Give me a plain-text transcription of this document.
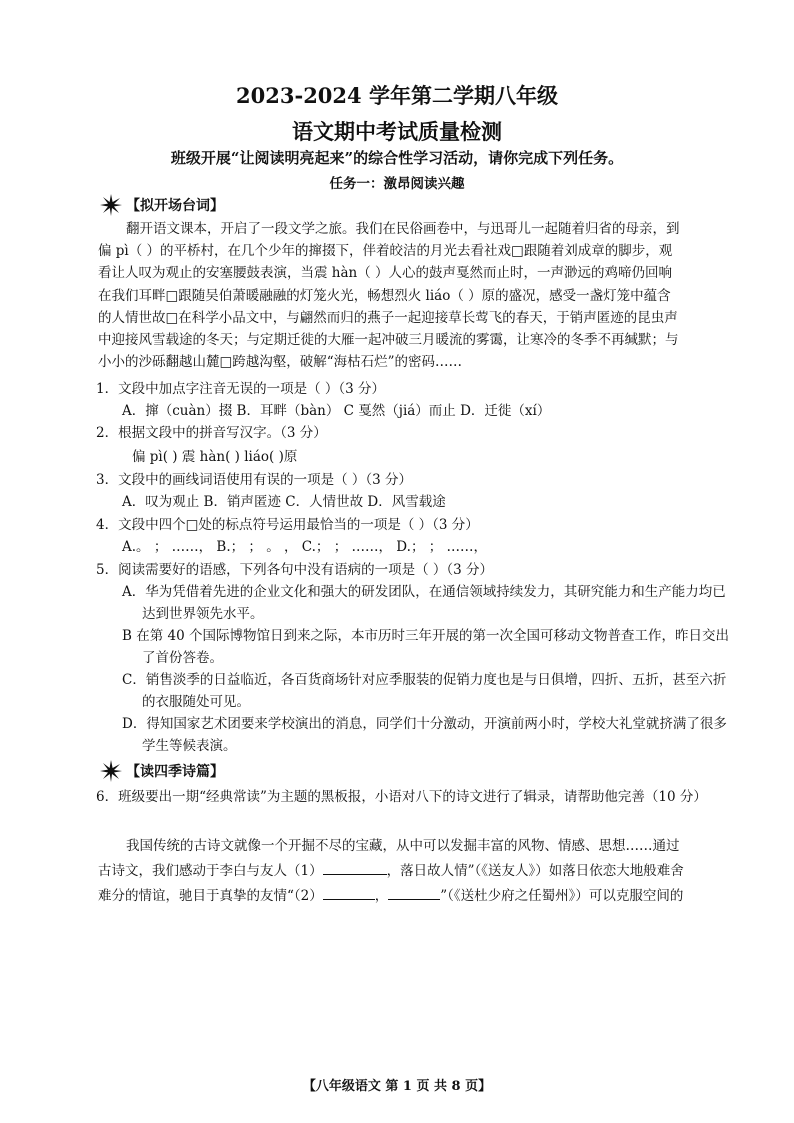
2023-2024 学年第二学期八年级
语文期中考试质量检测
班级开展“让阅读明亮起来”的综合性学习活动，请你完成下列任务。
任务一：激昂阅读兴趣
【拟开场台词】

翻开语文课本，开启了一段文学之旅。我们在民俗画卷中，与迅哥儿一起随着归省的母亲，到

偏 pì（ ）的平桥村，在几个少年的撺掇下，伴着皎洁的月光去看社戏□跟随着刘成章的脚步，观

看让人叹为观止的安塞腰鼓表演，当震 hàn（ ）人心的鼓声戛然而止时，一声渺远的鸡啼仍回响

在我们耳畔□跟随吴伯萧暖融融的灯笼火光，畅想烈火 liáo（ ）原的盛况，感受一盏灯笼中蕴含

的人情世故□在科学小品文中，与翩然而归的燕子一起迎接草长莺飞的春天，于销声匿迹的昆虫声

中迎接风雪载途的冬天；与定期迁徙的大雁一起冲破三月暖流的雾霭，让寒冷的冬季不再缄默；与

小小的沙砾翻越山麓□跨越沟壑，破解“海枯石烂”的密码……

1．文段中加点字注音无误的一项是（ ）（3 分）
A．撺（cuàn）掇 B．耳畔（bàn） C 戛然（jiá）而止 D．迁徙（xí）
2．根据文段中的拼音写汉字。（3 分）
偏 pì( ) 震 hàn( ) liáo( )原
3．文段中的画线词语使用有误的一项是（ ）（3 分）
A．叹为观止 B．销声匿迹 C．人情世故 D．风雪载途
4．文段中四个□处的标点符号运用最恰当的一项是（ ）（3 分）
A.。 ； ……， B.； ； 。 ， C.； ； ……， D.； ； ……，
5．阅读需要好的语感，下列各句中没有语病的一项是（ ）（3 分）
A．华为凭借着先进的企业文化和强大的研发团队，在通信领域持续发力，其研究能力和生产能力均已达到世界领先水平。
B 在第 40 个国际博物馆日到来之际，本市历时三年开展的第一次全国可移动文物普查工作，昨日交出了首份答卷。
C．销售淡季的日益临近，各百货商场针对应季服装的促销力度也是与日俱增，四折、五折，甚至六折的衣服随处可见。
D．得知国家艺术团要来学校演出的消息，同学们十分激动，开演前两小时，学校大礼堂就挤满了很多学生等候表演。
【读四季诗篇】
6．班级要出一期“经典常读”为主题的黑板报，小语对八下的诗文进行了辑录，请帮助他完善（10 分）

我国传统的古诗文就像一个开掘不尽的宝藏，从中可以发掘丰富的风物、情感、思想……通过

古诗文，我们感动于李白与友人（1）	，落日故人情”（《送友人》）如落日依恋大地般难舍

难分的情谊，驰目于真挚的友情“（2）	，	”（《送杜少府之任蜀州》）可以克服空间的

【八年级语文 第 1 页 共 8 页】
